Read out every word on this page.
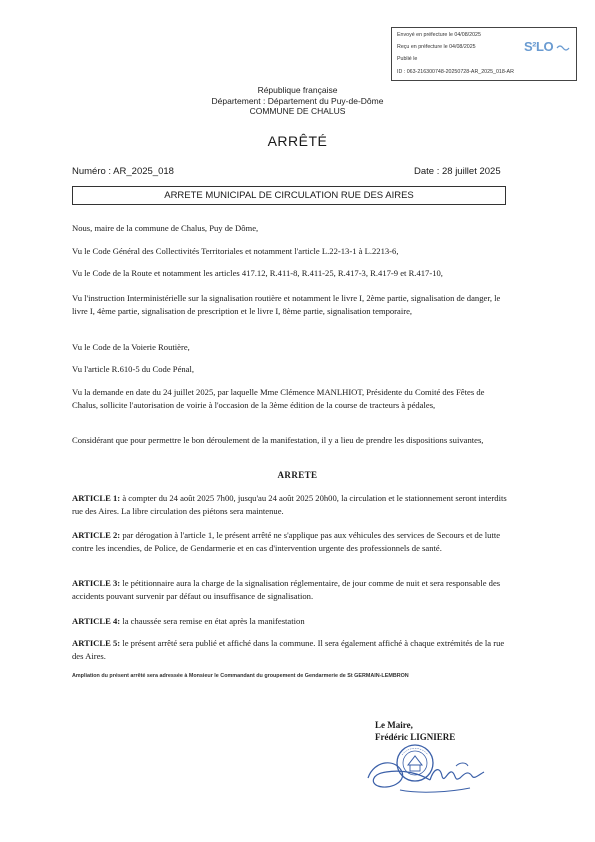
Envoyé en préfecture le 04/08/2025
Reçu en préfecture le 04/08/2025
Publié le
ID : 063-216300748-20250728-AR_2025_018-AR
S²LO
République française
Département : Département du Puy-de-Dôme
COMMUNE DE CHALUS
ARRÊTÉ
Numéro : AR_2025_018	Date : 28 juillet 2025
ARRETE MUNICIPAL DE CIRCULATION RUE DES AIRES
Nous, maire de la commune de Chalus, Puy de Dôme,
Vu le Code Général des Collectivités Territoriales et notamment l'article L.22-13-1 à L.2213-6,
Vu le Code de la Route et notamment les articles 417.12, R.411-8, R.411-25, R.417-3, R.417-9 et R.417-10,
Vu l'instruction Interministérielle sur la signalisation routière et notamment le livre I, 2ème partie, signalisation de danger, le livre I, 4ème partie, signalisation de prescription et le livre I, 8ème partie, signalisation temporaire,
Vu le Code de la Voierie Routière,
Vu l'article R.610-5 du Code Pénal,
Vu la demande en date du 24 juillet 2025, par laquelle Mme Clémence MANLHIOT, Présidente du Comité des Fêtes de Chalus, sollicite l'autorisation de voirie à l'occasion de la 3ème édition de la course de tracteurs à pédales,
Considérant que pour permettre le bon déroulement de la manifestation, il y a lieu de prendre les dispositions suivantes,
ARRETE
ARTICLE 1: à compter du 24 août 2025 7h00, jusqu'au 24 août 2025 20h00, la circulation et le stationnement seront interdits rue des Aires. La libre circulation des piétons sera maintenue.
ARTICLE 2: par dérogation à l'article 1, le présent arrêté ne s'applique pas aux véhicules des services de Secours et de lutte contre les incendies, de Police, de Gendarmerie et en cas d'intervention urgente des professionnels de santé.
ARTICLE 3: le pétitionnaire aura la charge de la signalisation réglementaire, de jour comme de nuit et sera responsable des accidents pouvant survenir par défaut ou insuffisance de signalisation.
ARTICLE 4: la chaussée sera remise en état après la manifestation
ARTICLE 5: le présent arrêté sera publié et affiché dans la commune. Il sera également affiché à chaque extrémités de la rue des Aires.
Ampliation du présent arrêté sera adressée à Monsieur le Commandant du groupement de Gendarmerie de St GERMAIN-LEMBRON
Le Maire,
Frédéric LIGNIERE
